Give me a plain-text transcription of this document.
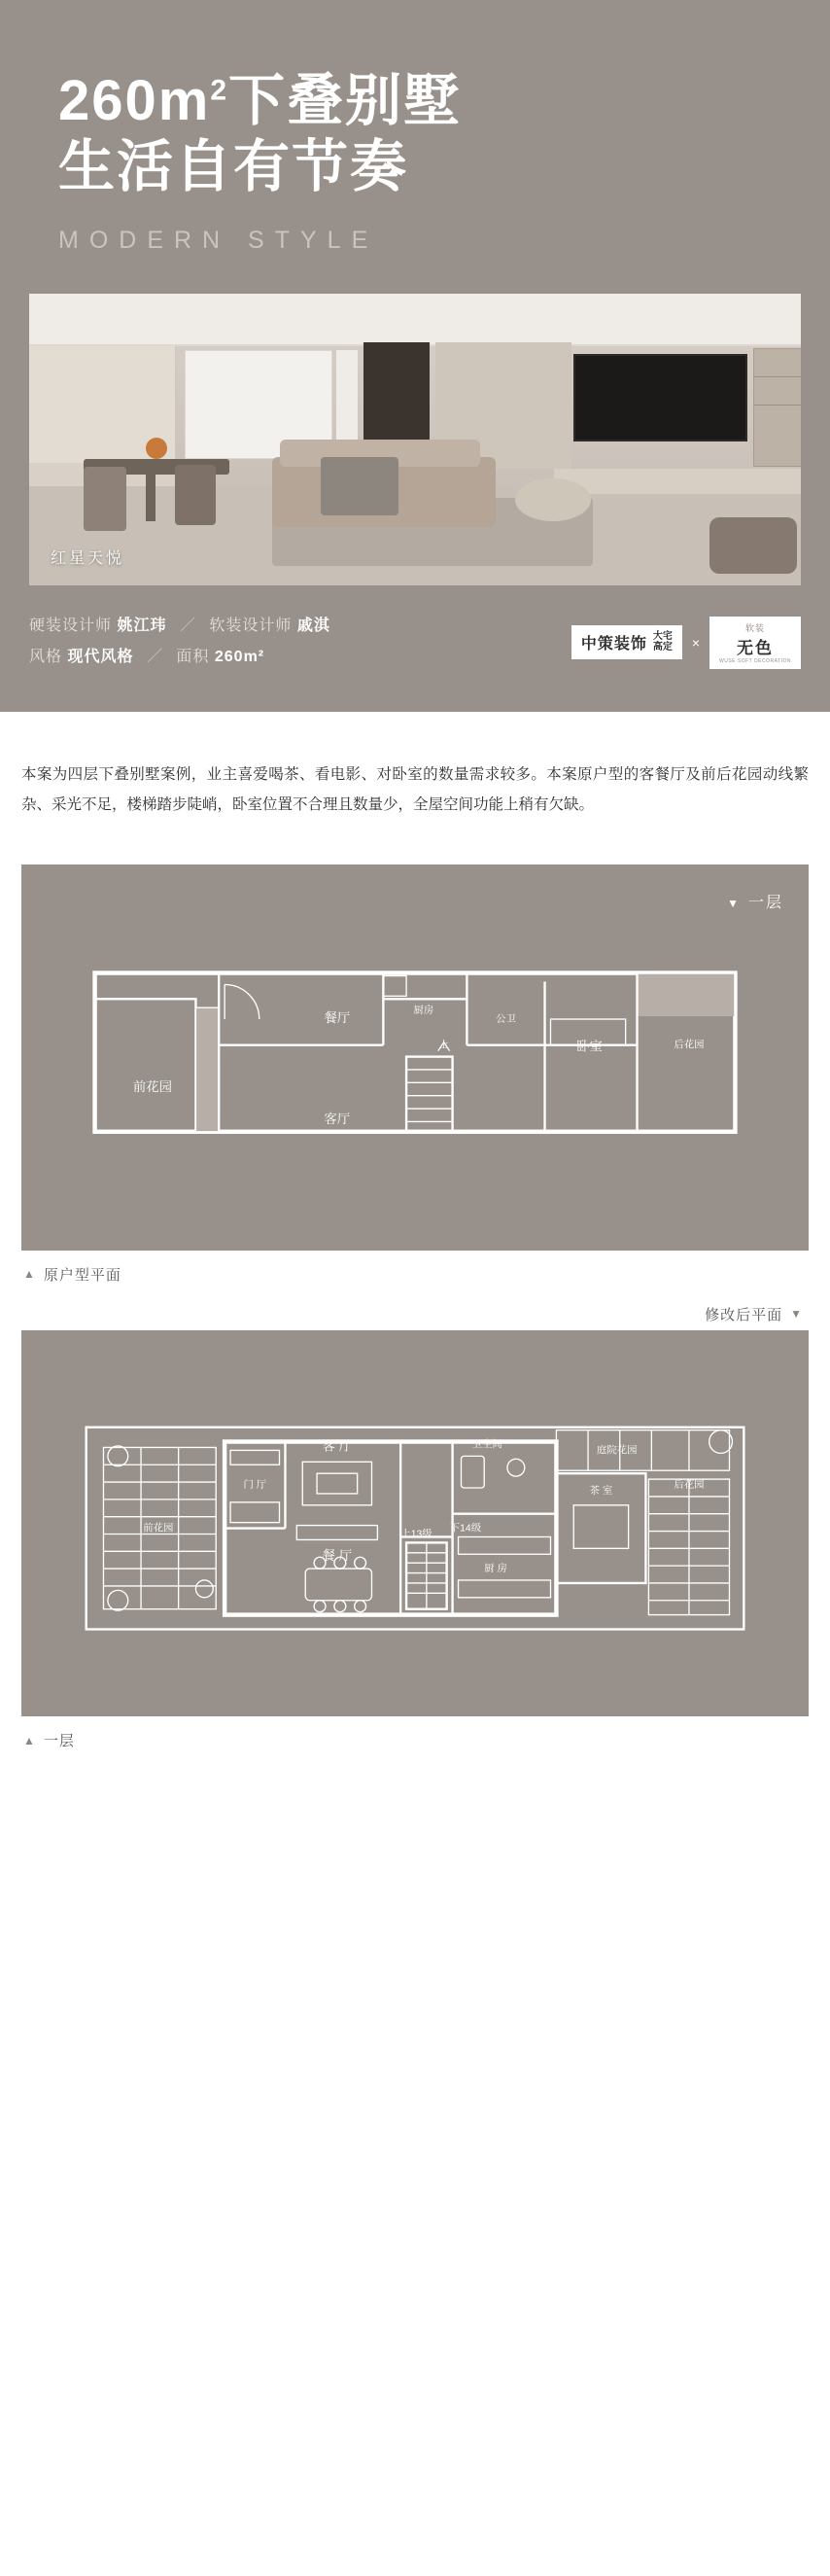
$260m^2$下叠别墅
生活自有节奏
MODERN STYLE
红星天悦
硬装设计师 姚江玮 ／ 软装设计师 戚淇
风格 现代风格 ／ 面积 260m²
中策装饰 大宅
高定 ×
软装
无色
WUSE SOFT DECORATION

本案为四层下叠别墅案例，业主喜爱喝茶、看电影、对卧室的数量需求较多。本案原户型的客餐厅及前后花园动线繁杂、采光不足，楼梯踏步陡峭，卧室位置不合理且数量少，全屋空间功能上稍有欠缺。

▼ 一层
前花园
餐厅	厨房
公卫
卧室	后花园
客厅
上
▲ 原户型平面
修改后平面 ▼
门 厅
客 厅
餐 厅
卫生间
厨 房
茶 室
庭院花园
后花园
前花园
上13级
下14级
▲ 一层
